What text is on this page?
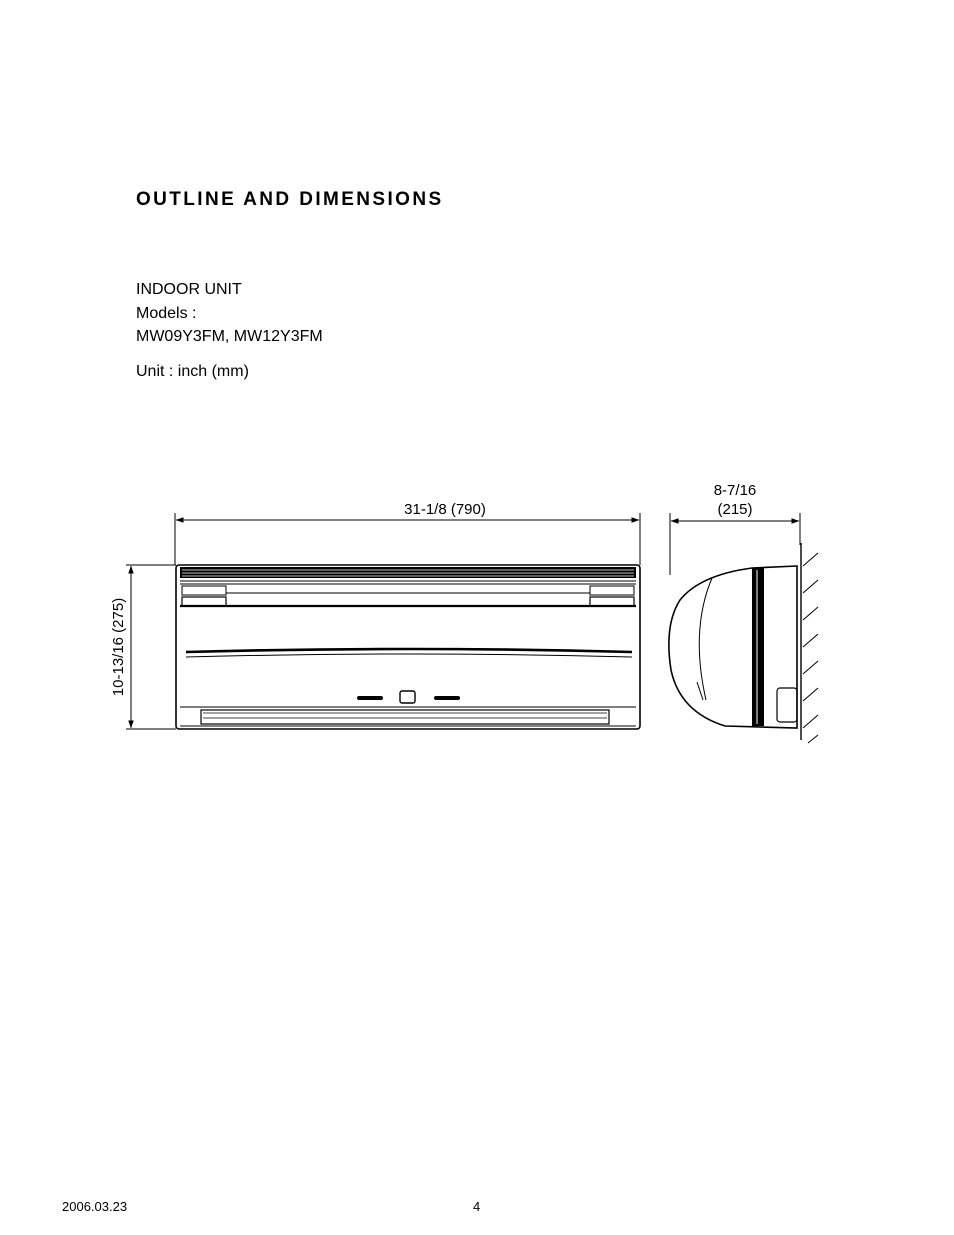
OUTLINE AND DIMENSIONS
INDOOR UNIT
Models :
MW09Y3FM, MW12Y3FM
Unit : inch (mm)
31-1/8 (790)
8-7/16
(215)
10-13/16 (275)
2006.03.23	4
